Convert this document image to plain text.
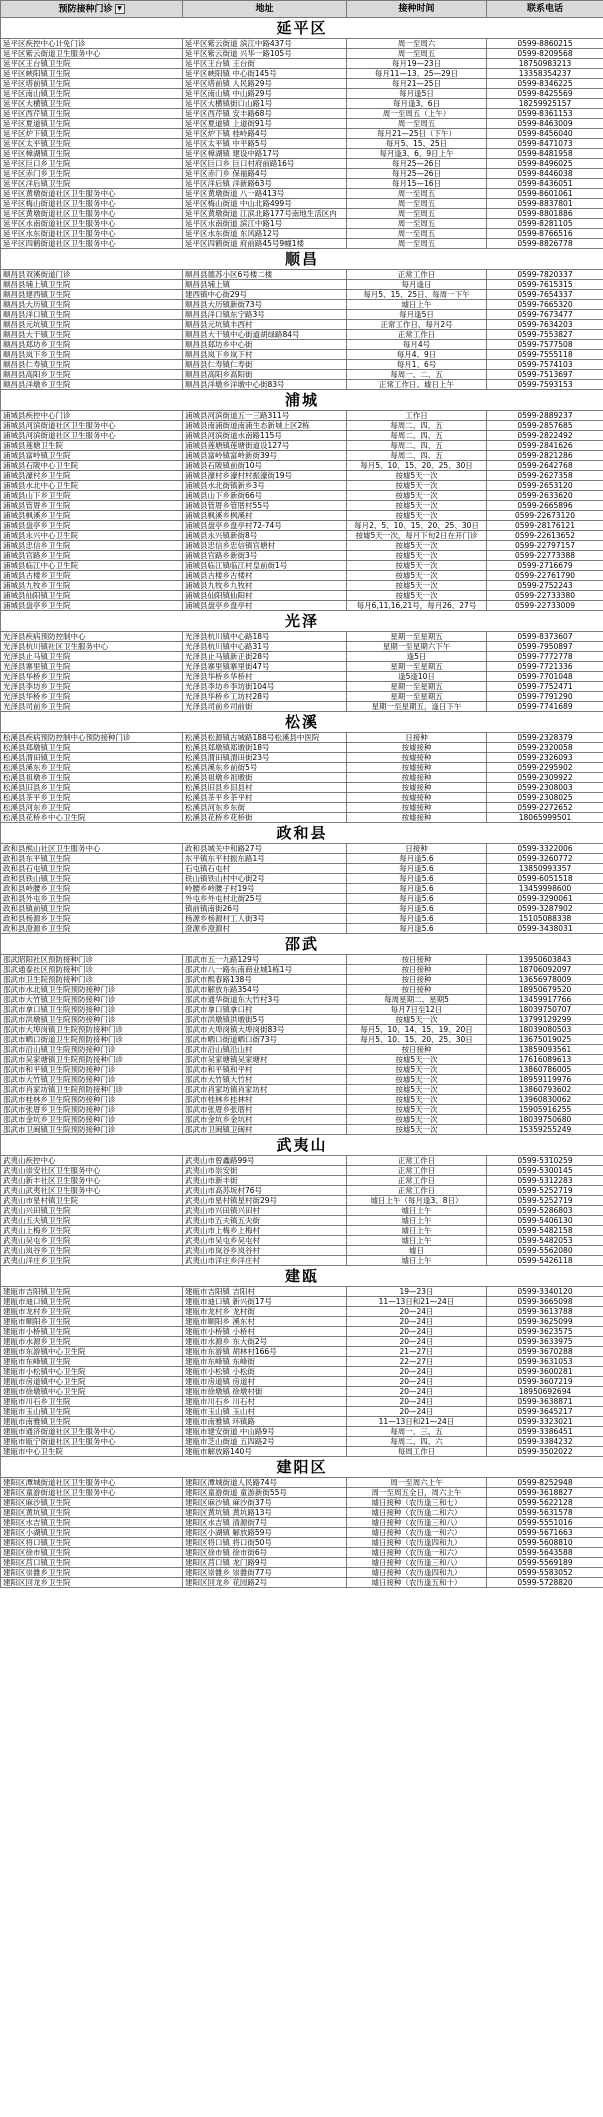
预防接种门诊 ▼	地址	接种时间	联系电话
延平区			
延平区疾控中心计免门诊	延平区紫云街道 滨江中路437号	周一至周六	0599-8860215
延平区紫云街道卫生服务中心	延平区紫云街道 兴华一路105号	周一至周五	0599-8209568
延平区王台镇卫生院	延平区王台镇 王台街	每月19—23日	18750983213
延平区峡阳镇卫生院	延平区峡阳镇 中心街145号	每月11—13、25—29日	13358354237
延平区塔前镇卫生院	延平区塔前镇 人民路29号	每月21—25日	0599-8346225
延平区南山镇卫生院	延平区南山镇 中山路29号	每月逢5日	0599-8425569
延平区大横镇卫生院	延平区大横镇街口山路1号	每月逢3、6日	18259925157
延平区西芹镇卫生院	延平区西芹镇 安丰路68号	周一至周五（上午）	0599-8361153
延平区夏道镇卫生院	延平区夏道镇 上道街91号	周一至周五	0599-8463009
延平区炉下镇卫生院	延平区炉下镇 桂岭路4号	每月21—25日（下午）	0599-8456040
延平区太平镇卫生院	延平区太平镇 中平路5号	每月5、15、25日	0599-8471073
延平区樟湖镇卫生院	延平区樟湖镇 建设中路17号	每月逢3、6、9日上午	0599-8481958
延平区巨口乡卫生院	延平区巨口乡 巨口村府前路16号	每月25—26日	0599-8496025
延平区赤门乡卫生院	延平区赤门乡 保福路4号	每月25—26日	0599-8446038
延平区洋后镇卫生院	延平区洋后镇 洋新路63号	每月15—16日	0599-8436051
延平区黄墩街道社区卫生服务中心	延平区黄墩街道 八一路413号	周一至周五	0599-8601061
延平区梅山街道社区卫生服务中心	延平区梅山街道 中山北路499号	周一至周五	0599-8837801
延平区黄墩街道社区卫生服务中心	延平区黄墩街道 江滨北路177号南地生活区内	周一至周五	0599-8801886
延平区水南街道社区卫生服务中心	延平区水南街道 滨江中路1号	周一至周五	0599-8281105
延平区水东街道社区卫生服务中心	延平区水东街道 东风路12号	周一至周五	0599-8766516
延平区四鹤街道社区卫生服务中心	延平区四鹤街道 府前路45号9幢1楼	周一至周五	0599-8826778
顺昌			
顺昌县双溪街道门诊	顺昌县德苏小区6号楼二楼	正常工作日	0599-7820337
顺昌县埔上镇卫生院	顺昌县埔上镇	每月逢日	0599-7615315
顺昌县建西镇卫生院	建西镇中心街29号	每月5、15、25日、每周一下午	0599-7654337
顺昌县大历镇卫生院	顺昌县大历镇新街73号	墟日上午	0599-7665320
顺昌县洋口镇卫生院	顺昌县洋口镇东宁路3号	每月逢5日	0599-7673477
顺昌县元坑镇卫生院	顺昌县元坑镇丰西村	正常工作日、每月2号	0599-7634203
顺昌县大干镇卫生院	顺昌县大干镇中心街道胡绿路84号	正常工作日	0599-7553827
顺昌县郑坊乡卫生院	顺昌县郑坊乡中心街	每月4号	0599-7577508
顺昌县岚下乡卫生院	顺昌县岚下乡岚下村	每月4、9日	0599-7555118
顺昌县仁寿镇卫生院	顺昌县仁寿镇仁寿街	每月1、6号	0599-7574103
顺昌县高阳乡卫生院	顺昌县高阳乡高阳街	每周一、二、五	0599-7513697
顺昌县洋墩乡卫生院	顺昌县洋墩乡洋墩中心街83号	正常工作日、墟日上午	0599-7593153
浦城			
浦城县疾控中心门诊	浦城县河滨街道五一三路311号	工作日	0599-2889237
浦城县河滨街道社区卫生服务中心	浦城县南浦街道南浦生态新城上区2栋	每周二、四、五	0599-2857685
浦城县河滨街道社区卫生服务中心	浦城县河滨街道水南路115号	每周二、四、五	0599-2822492
浦城县莲塘卫生院	浦城县莲塘镇莲塘街道设127号	每周二、四、五	0599-2841626
浦城县富岭镇卫生院	浦城县富岭镇富岭新街39号	每周二、四、五	0599-2821286
浦城县石陂中心卫生院	浦城县石陂镇前街10号	每月5、10、15、20、25、30日	0599-2642768
浦城县濠村乡卫生院	浦城县濠村乡濠村村振濠街19号	按墟5天一次	0599-2627358
浦城县水北中心卫生院	浦城县水北街镇新乡3号	按墟5天一次	0599-2653120
浦城县山下乡卫生院	浦城县山下乡新街66号	按墟5天一次	0599-2633620
浦城县管厝乡卫生院	浦城县管厝乡管厝村55号	按墟5天一次	0599-2665896
浦城县枫溪乡卫生院	浦城县枫溪乡枫溪村	按墟5天一次	0599-22673120
浦城县盘亭乡卫生院	浦城县盘亭乡盘亭村72-74号	每月2、5、10、15、20、25、30日	0599-28176121
浦城县永兴中心卫生院	浦城县永兴镇新街8号	按墟5天一次，每月下旬2日在开门诊	0599-22613652
浦城县忠信乡卫生院	浦城县忠信乡忠信镇官塘村	按墟5天一次	0599-22797157
浦城县官路乡卫生院	浦城县官路乡新街3号	按墟5天一次	0599-22773388
浦城县临江中心卫生院	浦城县临江镇临江村皇前街1号	按墟5天一次	0599-2716679
浦城县古楼乡卫生院	浦城县古楼乡古楼村	按墟5天一次	0599-22761790
浦城县九牧乡卫生院	浦城县九牧乡九牧村	按墟5天一次	0599-2752243
浦城县仙阳镇卫生院	浦城县仙阳镇仙阳村	按墟5天一次	0599-22733380
浦城县盘亭乡卫生院	浦城县盘亭乡盘亭村	每月6,11,16,21号，每月26、27号	0599-22733009
光泽			
光泽县疾病预防控制中心	光泽县杭川镇中心路18号	星期一至星期五	0599-8373607
光泽县杭川镇社区卫生服务中心	光泽县杭川镇中心路31号	星期一至星期六下午	0599-7950897
光泽县止马镇卫生院	光泽县止马镇新正街28号	逢5日	0599-7772778
光泽县寨里镇卫生院	光泽县寨里镇寨里街47号	星期一至星期五	0599-7721336
光泽县华桥乡卫生院	光泽县华桥乡华桥村	逢5逢10日	0599-7701048
光泽县李坊乡卫生院	光泽县李坊乡李坊街104号	星期一至星期五	0599-7752471
光泽县华桥乡卫生院	光泽县华桥乡工坊村28号	星期一至星期五	0599-7791290
光泽县司前乡卫生院	光泽县司前乡司前街	星期一至星期五，逢日下午	0599-7741689
松溪			
松溪县疾病预防控制中心预防接种门诊	松溪县松源镇古城路188号松溪县中医院	日接种	0599-2328379
松溪县郑墩镇卫生院	松溪县郑墩镇郑墩街18号	按墟接种	0599-2320058
松溪县渭田镇卫生院	松溪县渭田镇渭田街23号	按墟接种	0599-2326093
松溪县溪东乡卫生院	松溪县溪东乡前街5号	按墟接种	0599-2295902
松溪县祖墩乡卫生院	松溪县祖墩乡祖墩街	按墟接种	0599-2309922
松溪县旧县乡卫生院	松溪县旧县乡旧县村	按墟接种	0599-2308003
松溪县茶平乡卫生院	松溪县茶平乡茶平村	按墟接种	0599-2308025
松溪县河东乡卫生院	松溪县河东乡东街	按墟接种	0599-2272652
松溪县花桥乡中心卫生院	松溪县花桥乡花桥街	按墟接种	18065999501
政和县			
政和县熊山社区卫生服务中心	政和县城关中和路27号	日接种	0599-3322006
政和县东平镇卫生院	东平镇东平村振东路1号	每月逢5.6	0599-3260772
政和县石屯镇卫生院	石屯镇石屯村	每月逢5.6	13850993357
政和县铁山镇卫生院	铁山镇铁山村中心街2号	每月逢5.6	0599-6051518
政和县岭腰乡卫生院	岭腰乡岭腰子村19号	每月逢5.6	13459998600
政和县外屯乡卫生院	外屯乡外屯村北街25号	每月逢5.6	0599-3290061
政和县镇前镇卫生院	镇前镇南街26号	每月逢5.6	0599-3287902
政和县杨源乡卫生院	杨源乡杨源村工人街3号	每月逢5.6	15105088338
政和县澄源乡卫生院	澄源乡澄源村	每月逢5.6	0599-3438031
邵武			
邵武昭阳社区预防接种门诊	邵武市五一九路129号	按日接种	13950603843
邵武通泰社区预防接种门诊	邵武市八一路东南商业城1栋1号	按日接种	18706092097
邵武市卫生院预防接种门诊	邵武市熙春路138号	按日接种	13656978009
邵武市水北镇卫生院预防接种门诊	邵武市解放东路354号	按日接种	18950679520
邵武市大竹镇卫生院预防接种门诊	邵武市通华街道东大竹村3号	每周星期二、星期5	13459917766
邵武市拿口镇卫生院预防接种门诊	邵武市拿口镇拿口村	每月7日至12日	18039750707
邵武市洪墩镇卫生院预防接种门诊	邵武市洪墩镇洪墩街5号	按墟5天一次	13799129299
邵武市大埠岗镇卫生院预防接种门诊	邵武市大埠岗镇大埠岗街83号	每月5、10、14、15、19、20日	18039080503
邵武市晒口街道卫生院预防接种门诊	邵武市晒口街道晒口街73号	每月5、10、15、20、25、30日	13675019025
邵武市沿山镇卫生院预防接种门诊	邵武市沿山镇沿山村	按日接种	13859093561
邵武市吴家塘镇卫生院预防接种门诊	邵武市吴家塘镇吴家塘村	按墟5天一次	17616089613
邵武市和平镇卫生院预防接种门诊	邵武市和平镇和平村	按墟5天一次	13860786005
邵武市大竹镇卫生院预防接种门诊	邵武市大竹镇大竹村	按墟5天一次	18959119976
邵武市肖家坊镇卫生院预防接种门诊	邵武市肖家坊镇肖家坊村	按墟5天一次	13860793602
邵武市桂林乡卫生院预防接种门诊	邵武市桂林乡桂林村	按墟5天一次	13960830062
邵武市张厝乡卫生院预防接种门诊	邵武市张厝乡张厝村	按墟5天一次	15905916255
邵武市金坑乡卫生院预防接种门诊	邵武市金坑乡金坑村	按墟5天一次	18039750680
邵武市卫闽镇卫生院预防接种门诊	邵武市卫闽镇卫闽村	按墟5天一次	15359255249
武夷山			
武夷山疾控中心	武夷山市曾鑫路99号	正常工作日	0599-5310259
武夷山崇安社区卫生服务中心	武夷山市崇安街	正常工作日	0599-5300145
武夷山新丰社区卫生服务中心	武夷山市新丰街	正常工作日	0599-5312283
武夷山武夷社区卫生服务中心	武夷山市高苏坂村76号	正常工作日	0599-5252719
武夷山市星村镇卫生院	武夷山市星村镇星村街29号	墟日上午（每月逢3、8日）	0599-5252719
武夷山兴田镇卫生院	武夷山市兴田镇兴田村	墟日上午	0599-5286803
武夷山五夫镇卫生院	武夷山市五夫镇五夫街	墟日上午	0599-5406130
武夷山上梅乡卫生院	武夷山市上梅乡上梅村	墟日上午	0599-5482158
武夷山吴屯乡卫生院	武夷山市吴屯乡吴屯村	墟日上午	0599-5482053
武夷山岚谷乡卫生院	武夷山市岚谷乡岚谷村	墟日	0599-5562080
武夷山洋庄乡卫生院	武夷山市洋庄乡洋庄村	墟日上午	0599-5426118
建瓯			
建瓯市吉阳镇卫生院	建瓯市吉阳镇 吉阳村	19—23日	0599-3340120
建瓯市迪口镇卫生院	建瓯市迪口镇 新兴街17号	11—13日和21—24日	0599-3665098
建瓯市龙村乡卫生院	建瓯市龙村乡 龙村街	20—24日	0599-3613788
建瓯市顺阳乡卫生院	建瓯市顺阳乡 溪东村	20—24日	0599-3625099
建瓯市小桥镇卫生院	建瓯市小桥镇 小桥村	20—24日	0599-3623575
建瓯市水源乡卫生院	建瓯市水源乡 东大街2号	20—24日	0599-3633975
建瓯市东游镇中心卫生院	建瓯市东游镇 胡林村166号	21—27日	0599-3670288
建瓯市东峰镇卫生院	建瓯市东峰镇 东峰街	22—27日	0599-3631053
建瓯市小松镇中心卫生院	建瓯市小松镇 小松街	20—24日	0599-3600281
建瓯市房道镇中心卫生院	建瓯市房道镇 房道村	20—24日	0599-3607219
建瓯市徐墩镇中心卫生院	建瓯市徐墩镇 徐墩村街	20—24日	18950692694
建瓯市川石乡卫生院	建瓯市川石乡 川石村	20—24日	0599-3638871
建瓯市玉山镇卫生院	建瓯市玉山镇 玉山村	20—24日	0599-3645217
建瓯市南雅镇卫生院	建瓯市南雅镇 环镇路	11—13日和21—24日	0599-3323021
建瓯市通济街道社区卫生服务中心	建瓯市建安街道 中山路9号	每周一、三、五	0599-3386451
建瓯市瓯宁街道社区卫生服务中心	建瓯市芝山街道 五四路2号	每周二、四、六	0599-3384232
建瓯市中心卫生院	建瓯市解放路140号	每周工作日	0599-3502022
建阳区			
建阳区潭城街道社区卫生服务中心	建阳区潭城街道人民路74号	周一至周六上午	0599-8252948
建阳区童游街道社区卫生服务中心	建阳区童游街道 童游新街55号	周一至周五全日，周六上午	0599-3618827
建阳区麻沙镇卫生院	建阳区麻沙镇 麻沙街37号	墟日接种（农历逢三和七）	0599-5622128
建阳区黄坑镇卫生院	建阳区黄坑镇 黄坑路13号	墟日接种（农历逢二和六）	0599-5631578
建阳区水吉镇卫生院	建阳区水吉镇 清源街7号	墟日接种（农历逢三和八）	0599-5551016
建阳区小湖镇卫生院	建阳区小湖镇 解放路59号	墟日接种（农历逢一和六）	0599-5671663
建阳区将口镇卫生院	建阳区将口镇 将口街50号	墟日接种（农历逢四和九）	0599-5608810
建阳区徐市镇卫生院	建阳区徐市镇 徐市街6号	墟日接种（农历逢一和六）	0599-5643588
建阳区莒口镇卫生院	建阳区莒口镇 龙门路9号	墟日接种（农历逢三和八）	0599-5569189
建阳区崇雒乡卫生院	建阳区崇雒乡 崇雒街77号	墟日接种（农历逢四和九）	0599-5583052
建阳区回龙乡卫生院	建阳区回龙乡 花园路2号	墟日接种（农历逢五和十）	0599-5728820
